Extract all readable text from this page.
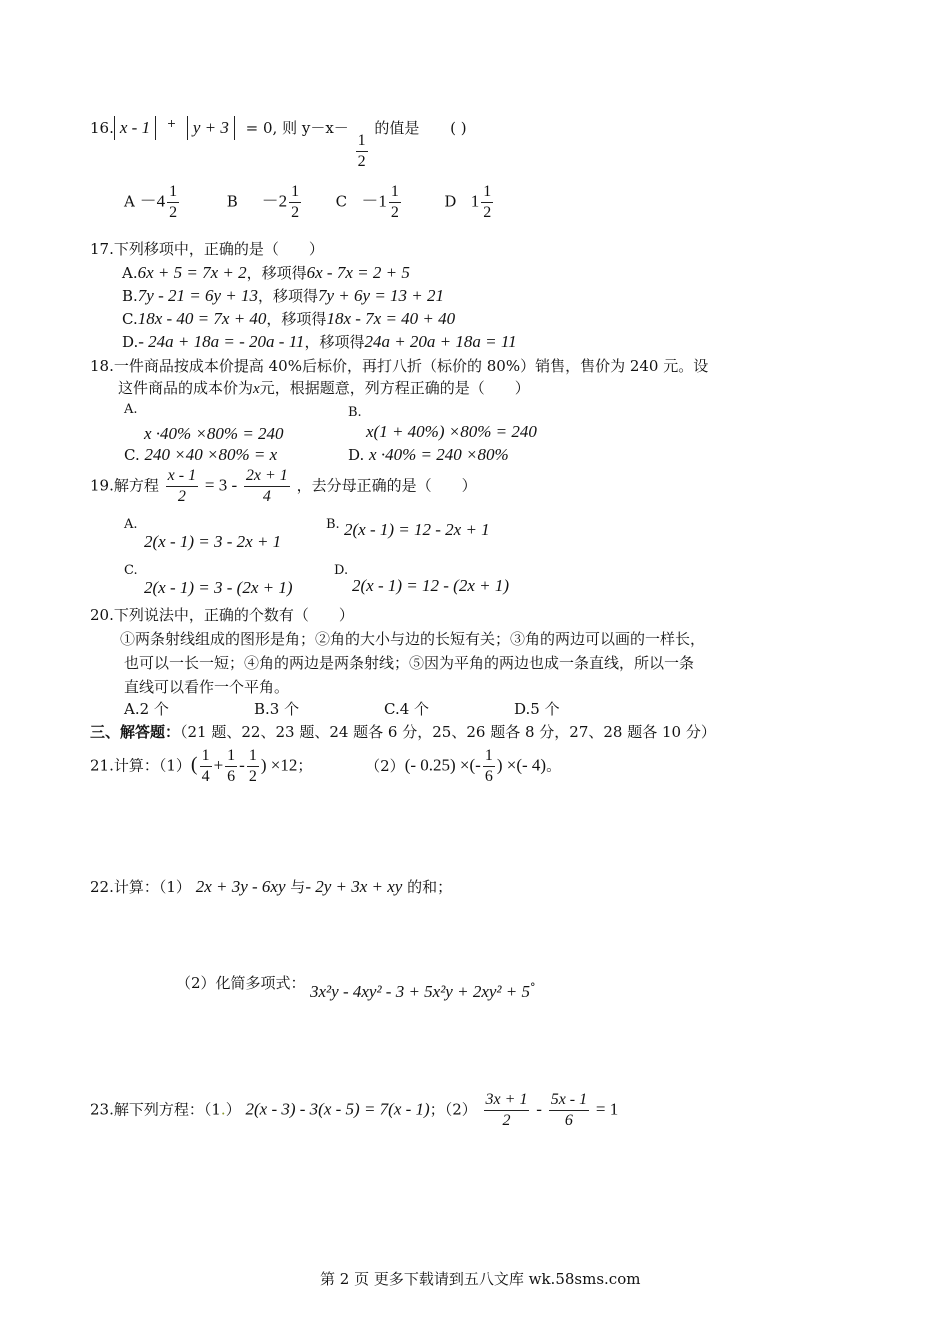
16. x - 1 + y + 3 = 0, 则 y－x－
$\frac{1}{2}$
的值是 ( )
$A -4 \frac{1}{2}$	$B -2 \frac{1}{2}$ $C -1 \frac{1}{2}$	D $1 \frac{1}{2}$
17.下列移项中，正确的是（　　）
A.6x + 5 = 7x + 2，移项得6x - 7x = 2 + 5
B.7y - 21 = 6y + 13，移项得7y + 6y = 13 + 21
C.18x - 40 = 7x + 40，移项得18x - 7x = 40 + 40
D.- 24a + 18a = - 20a - 11，移项得24a + 20a + 18a = 11
18.一件商品按成本价提高 40%后标价，再打八折（标价的 80%）销售，售价为 240 元。设
这件商品的成本价为x元，根据题意，列方程正确的是（　　）
A.
x ·40% ×80% = 240
B.
x(1 + 40%) ×80% = 240
C. 240 ×40 ×80% = x	D. x ·40% = 240 ×80%
19.解方程 $\frac{x - 1}{2} = 3 - \frac{2x + 1}{4}$ ，去分母正确的是（　　）
A.
2(x - 1) = 3 - 2x + 1
B. 2(x - 1) = 12 - 2x + 1
C.
2(x - 1) = 3 - (2x + 1)
D.
2(x - 1) = 12 - (2x + 1)
20.下列说法中，正确的个数有（　　）
①两条射线组成的图形是角；②角的大小与边的长短有关；③角的两边可以画的一样长，
也可以一长一短；④角的两边是两条射线；⑤因为平角的两边也成一条直线，所以一条
直线可以看作一个平角。
A.2 个	B.3 个	C.4 个	D.5 个
三、解答题：（21 题、22、23 题、24 题各 6 分，25、26 题各 8 分，27、28 题各 10 分）
21.计算：$(1)( \frac{1}{4} + \frac{1}{6} - \frac{1}{2}$ ) ×12；	（2）(- 0.25) ×(- $\frac{1}{6}$ ) ×(- 4)。
22.计算：（1） 2x + 3y - 6xy 与- 2y + 3x + xy 的和；
（2）化简多项式： 3x²y - 4xy² - 3 + 5x²y + 2xy² + 5°
23.解下列方程：（1.） 2(x - 3) - 3(x - 5) = 7(x - 1)；$(2) \frac{3x + 1}{2} - \frac{5x - 1}{6} = 1$
第 2 页 更多下载请到五八文库 wk.58sms.com
